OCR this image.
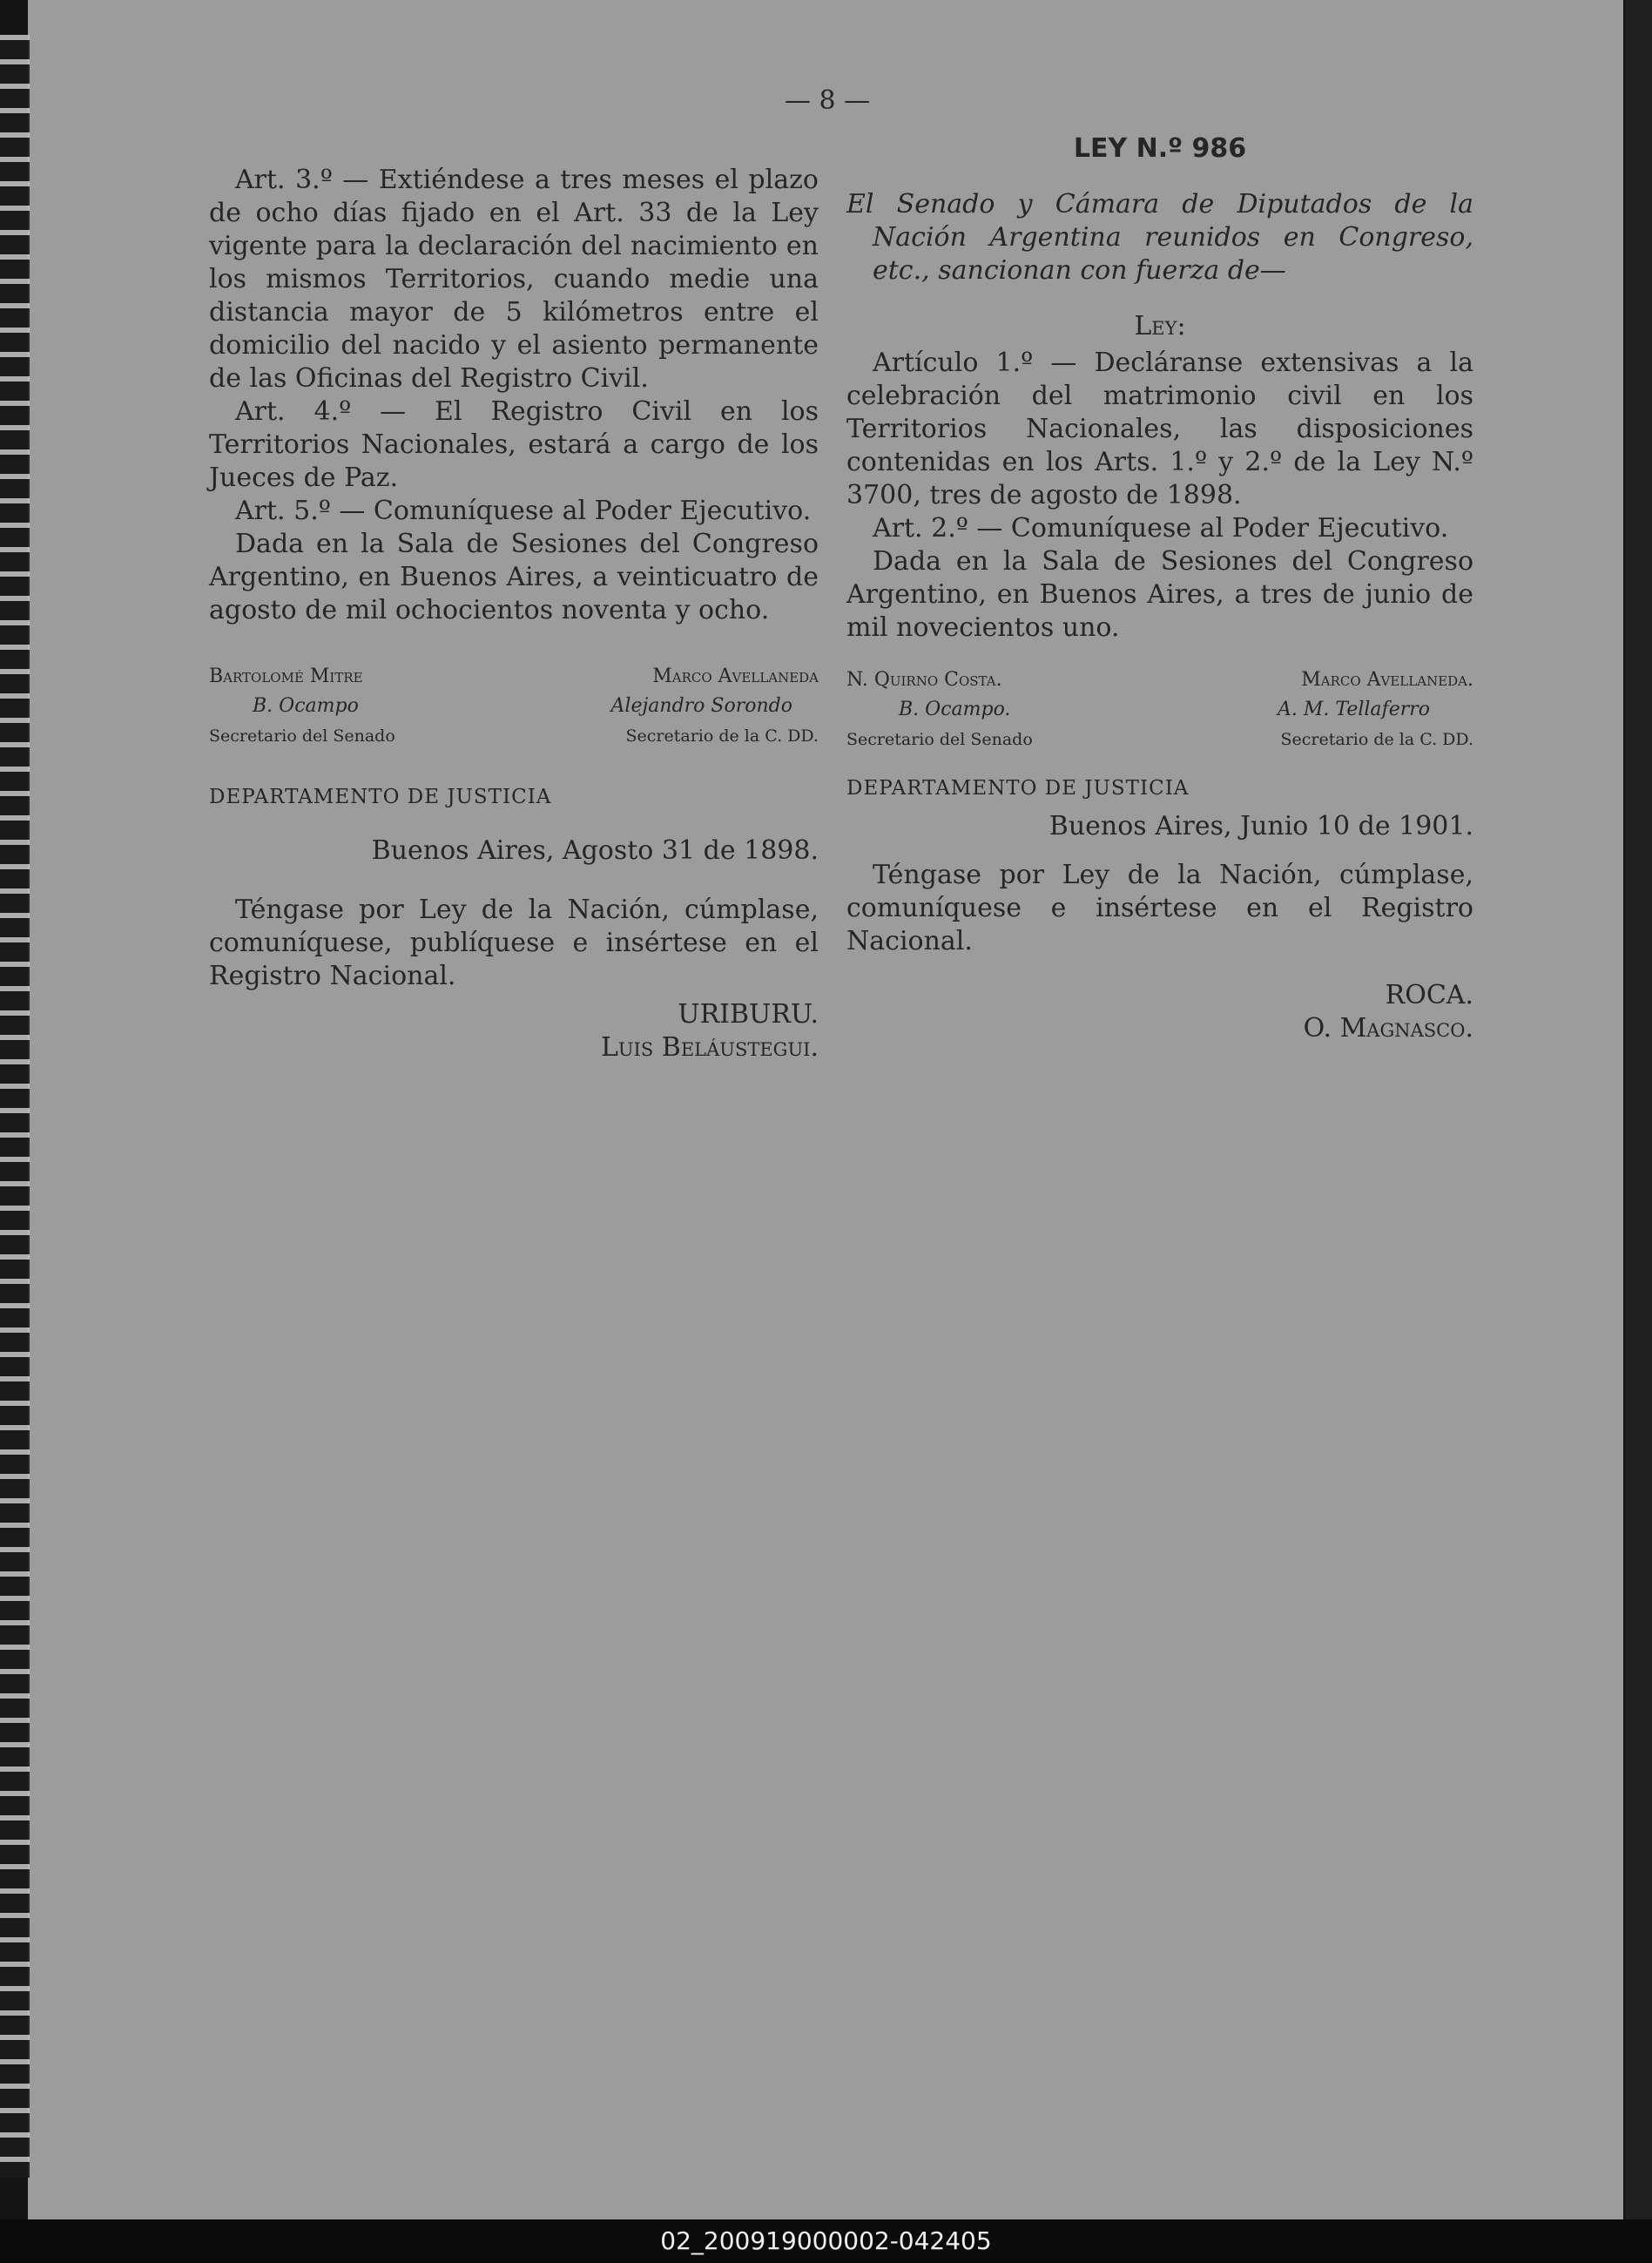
— 8 —

Art. 3.º — Extiéndese a tres meses el plazo de ocho días fijado en el Art. 33 de la Ley vigente para la declaración del nacimiento en los mismos Territorios, cuando medie una distancia mayor de 5 kilómetros entre el domicilio del nacido y el asiento permanente de las Oficinas del Registro Civil.

Art. 4.º — El Registro Civil en los Territorios Nacionales, estará a cargo de los Jueces de Paz.

Art. 5.º — Comuníquese al Poder Ejecutivo.

Dada en la Sala de Sesiones del Congreso Argentino, en Buenos Aires, a veinticuatro de agosto de mil ochocientos noventa y ocho.

Bartolomé Mitre	Marco Avellaneda
B. Ocampo	Alejandro Sorondo
Secretario del Senado	Secretario de la C. DD.
DEPARTAMENTO DE JUSTICIA
Buenos Aires, Agosto 31 de 1898.

Téngase por Ley de la Nación, cúmplase, comuníquese, publíquese e insértese en el Registro Nacional.

URIBURU.
Luis Beláustegui.
LEY N.º 986

El Senado y Cámara de Diputados de la Nación Argentina reunidos en Congreso, etc., sancionan con fuerza de—

Ley:

Artículo 1.º — Decláranse extensivas a la celebración del matrimonio civil en los Territorios Nacionales, las disposiciones contenidas en los Arts. 1.º y 2.º de la Ley N.º 3700, tres de agosto de 1898.

Art. 2.º — Comuníquese al Poder Ejecutivo.

Dada en la Sala de Sesiones del Congreso Argentino, en Buenos Aires, a tres de junio de mil novecientos uno.

N. Quirno Costa.	Marco Avellaneda.
B. Ocampo.	A. M. Tellaferro
Secretario del Senado	Secretario de la C. DD.
DEPARTAMENTO DE JUSTICIA
Buenos Aires, Junio 10 de 1901.

Téngase por Ley de la Nación, cúmplase, comuníquese e insértese en el Registro Nacional.

ROCA.
O. Magnasco.
02_200919000002-042405
